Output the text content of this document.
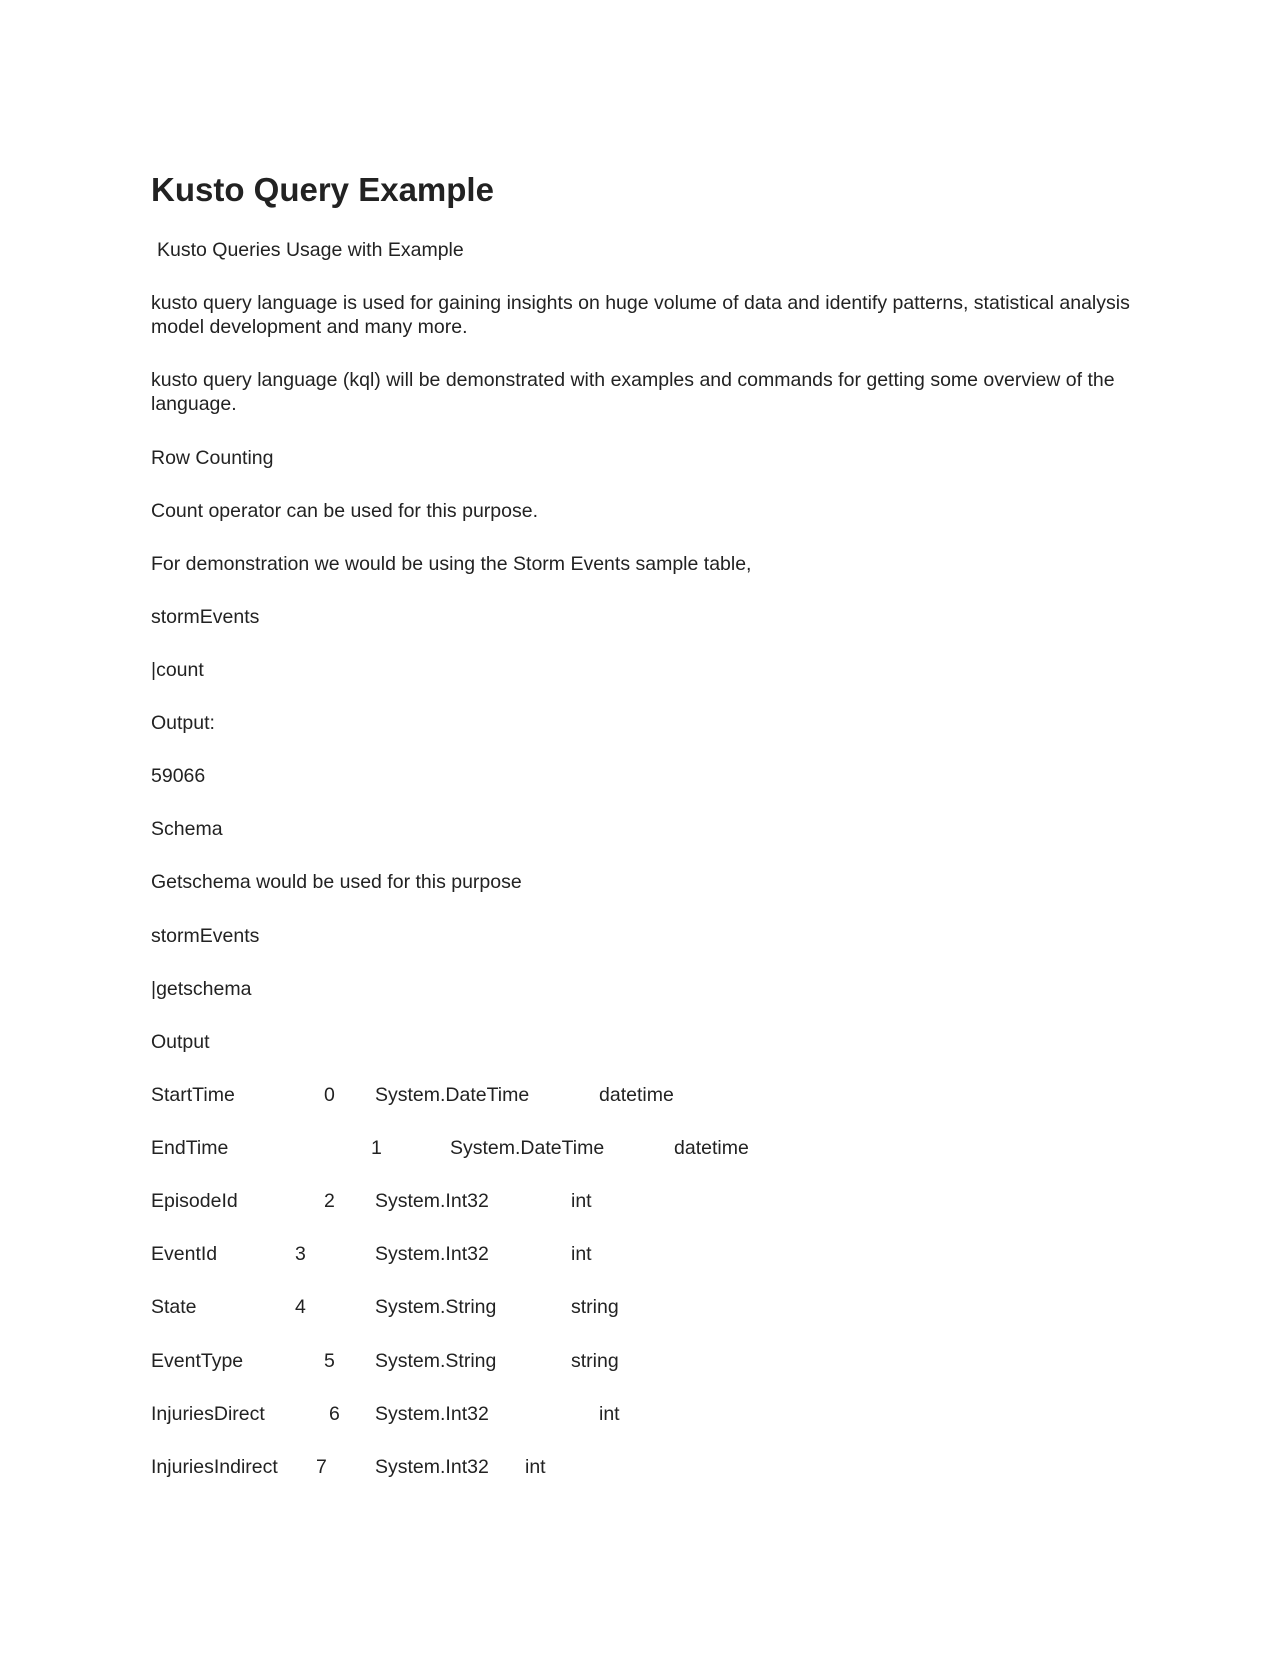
Kusto Query Example

Kusto Queries Usage with Example

kusto query language is used for gaining insights on huge volume of data and identify patterns, statistical analysis model development and many more.

kusto query language (kql) will be demonstrated with examples and commands for getting some overview of the language.

Row Counting

Count operator can be used for this purpose.

For demonstration we would be using the Storm Events sample table,

stormEvents

|count

Output:

59066

Schema

Getschema would be used for this purpose

stormEvents

|getschema

Output

StartTime	0 System.DateTime	datetime
EndTime	1	System.DateTime	datetime
EpisodeId	2 System.Int32	int
EventId	3	System.Int32	int
State	4	System.String	string
EventType	5 System.String	string
InjuriesDirect	6 System.Int32	int
InjuriesIndirect 7 System.Int32 int
